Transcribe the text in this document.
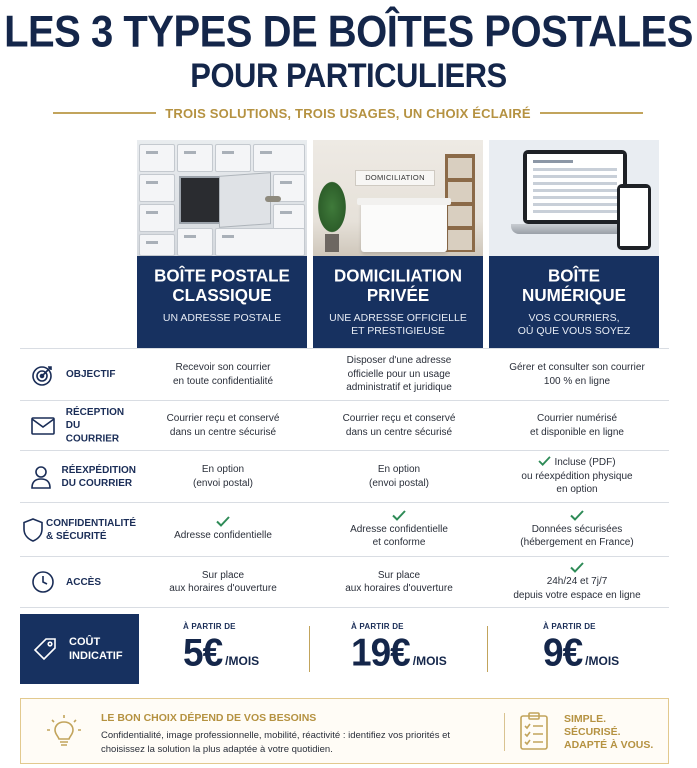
LES 3 TYPES DE BOÎTES POSTALES
POUR PARTICULIERS
TROIS SOLUTIONS, TROIS USAGES, UN CHOIX ÉCLAIRÉ
BOÎTE POSTALE
CLASSIQUE
UN ADRESSE POSTALE
DOMICILIATION
DOMICILIATION
PRIVÉE
UNE ADRESSE OFFICIELLE
ET PRESTIGIEUSE
BOÎTE
NUMÉRIQUE
VOS COURRIERS,
OÙ QUE VOUS SOYEZ
OBJECTIF
Recevoir son courrier
en toute confidentialité
Disposer d'une adresse
officielle pour un usage
administratif et juridique
Gérer et consulter son courrier
100 % en ligne
RÉCEPTION
DU COURRIER
Courrier reçu et conservé
dans un centre sécurisé
Courrier reçu et conservé
dans un centre sécurisé
Courrier numérisé
et disponible en ligne
RÉEXPÉDITION
DU COURRIER
En option
(envoi postal)
En option
(envoi postal)
Incluse (PDF)
ou réexpédition physique
en option
CONFIDENTIALITÉ
& SÉCURITÉ	Adresse confidentielle
Adresse confidentielle
et conforme
Données sécurisées
(hébergement en France)
ACCÈS
Sur place
aux horaires d'ouverture
Sur place
aux horaires d'ouverture
24h/24 et 7j/7
depuis votre espace en ligne
COÛT
INDICATIF
À PARTIR DE
5€ /MOIS
À PARTIR DE
19€ /MOIS
À PARTIR DE
9€ /MOIS
LE BON CHOIX DÉPEND DE VOS BESOINS
Confidentialité, image professionnelle, mobilité, réactivité : identifiez vos priorités et choisissez la solution la plus adaptée à votre quotidien.
SIMPLE.
SÉCURISÉ.
ADAPTÉ À VOUS.
